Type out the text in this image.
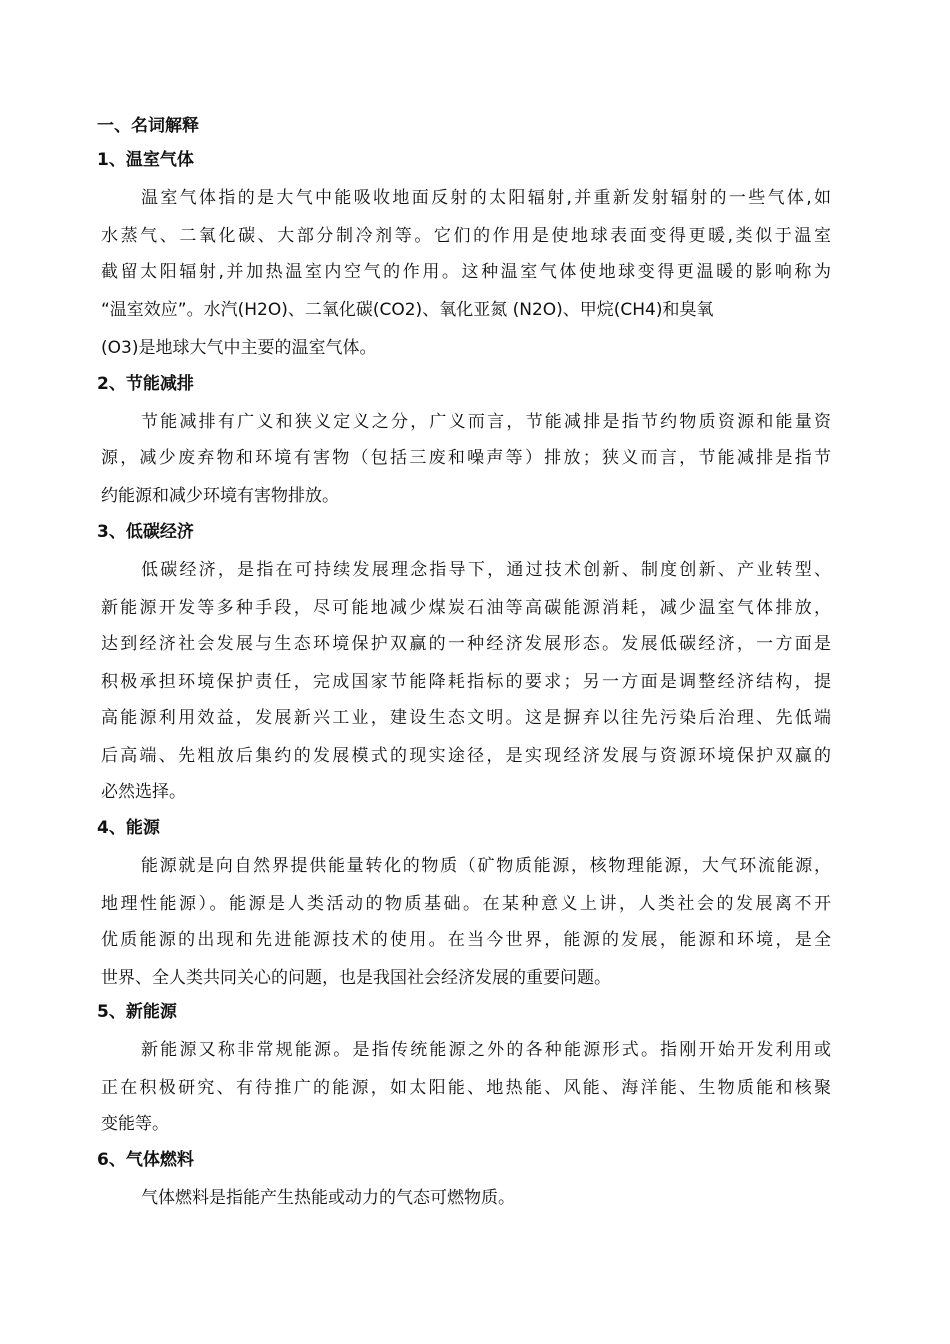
一、名词解释
1、温室气体

温室气体指的是大气中能吸收地面反射的太阳辐射,并重新发射辐射的一些气体,如

水蒸气、二氧化碳、大部分制冷剂等。它们的作用是使地球表面变得更暖,类似于温室

截留太阳辐射,并加热温室内空气的作用。这种温室气体使地球变得更温暖的影响称为

“温室效应”。水汽(H2O)、二氧化碳(CO2)、氧化亚氮 (N2O)、甲烷(CH4)和臭氧

(O3)是地球大气中主要的温室气体。

2、节能减排

节能减排有广义和狭义定义之分，广义而言，节能减排是指节约物质资源和能量资

源，减少废弃物和环境有害物（包括三废和噪声等）排放；狭义而言，节能减排是指节

约能源和减少环境有害物排放。

3、低碳经济

低碳经济，是指在可持续发展理念指导下，通过技术创新、制度创新、产业转型、

新能源开发等多种手段，尽可能地减少煤炭石油等高碳能源消耗，减少温室气体排放，

达到经济社会发展与生态环境保护双赢的一种经济发展形态。发展低碳经济，一方面是

积极承担环境保护责任，完成国家节能降耗指标的要求；另一方面是调整经济结构，提

高能源利用效益，发展新兴工业，建设生态文明。这是摒弃以往先污染后治理、先低端

后高端、先粗放后集约的发展模式的现实途径，是实现经济发展与资源环境保护双赢的

必然选择。

4、能源

能源就是向自然界提供能量转化的物质（矿物质能源，核物理能源，大气环流能源，

地理性能源）。能源是人类活动的物质基础。在某种意义上讲，人类社会的发展离不开

优质能源的出现和先进能源技术的使用。在当今世界，能源的发展，能源和环境，是全

世界、全人类共同关心的问题，也是我国社会经济发展的重要问题。

5、新能源

新能源又称非常规能源。是指传统能源之外的各种能源形式。指刚开始开发利用或

正在积极研究、有待推广的能源，如太阳能、地热能、风能、海洋能、生物质能和核聚

变能等。

6、气体燃料

气体燃料是指能产生热能或动力的气态可燃物质。
